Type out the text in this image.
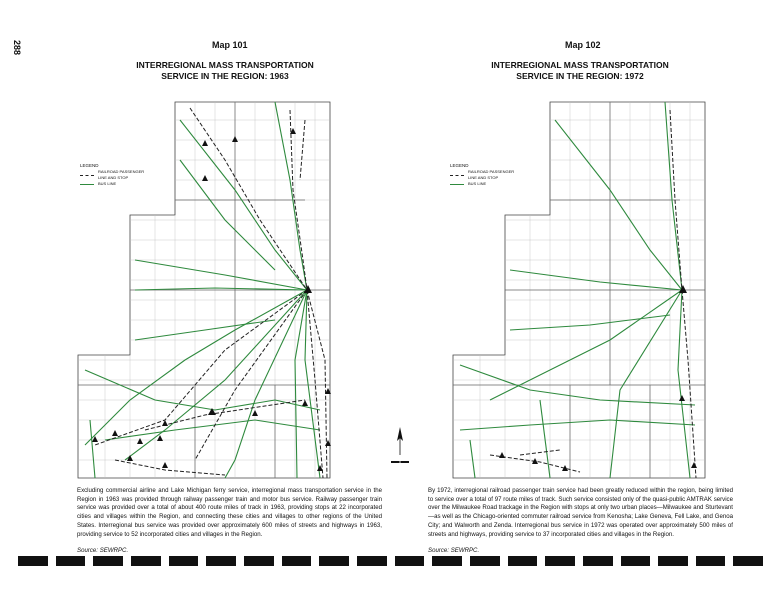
288	Map 101
INTERREGIONAL MASS TRANSPORTATION
SERVICE IN THE REGION: 1963
LEGEND
RAILROAD PASSENGER
LINE AND STOP
BUS LINE
Excluding commercial airline and Lake Michigan ferry service, interregional mass transportation service in the Region in 1963 was provided through railway passenger train and motor bus service. Railway passenger train service was provided over a total of about 400 route miles of track in 1963, providing stops at 22 incorporated cities and villages within the Region, and connecting these cities and villages to other regions of the United States. Interregional bus service was provided over approximately 600 miles of streets and highways in 1963, providing service to 52 incorporated cities and villages in the Region.
Source: SEWRPC.
Map 102
INTERREGIONAL MASS TRANSPORTATION
SERVICE IN THE REGION: 1972
LEGEND
RAILROAD PASSENGER
LINE AND STOP
BUS LINE
By 1972, interregional railroad passenger train service had been greatly reduced within the region, being limited to service over a total of 97 route miles of track. Such service consisted only of the quasi-public AMTRAK service over the Milwaukee Road trackage in the Region with stops at only two urban places—Milwaukee and Sturtevant—as well as the Chicago-oriented commuter railroad service from Kenosha; Lake Geneva, Fell Lake, and Genoa City; and Walworth and Zenda. Interregional bus service in 1972 was operated over approximately 500 miles of streets and highways, providing service to 37 incorporated cities and villages in the Region.
Source: SEWRPC.
